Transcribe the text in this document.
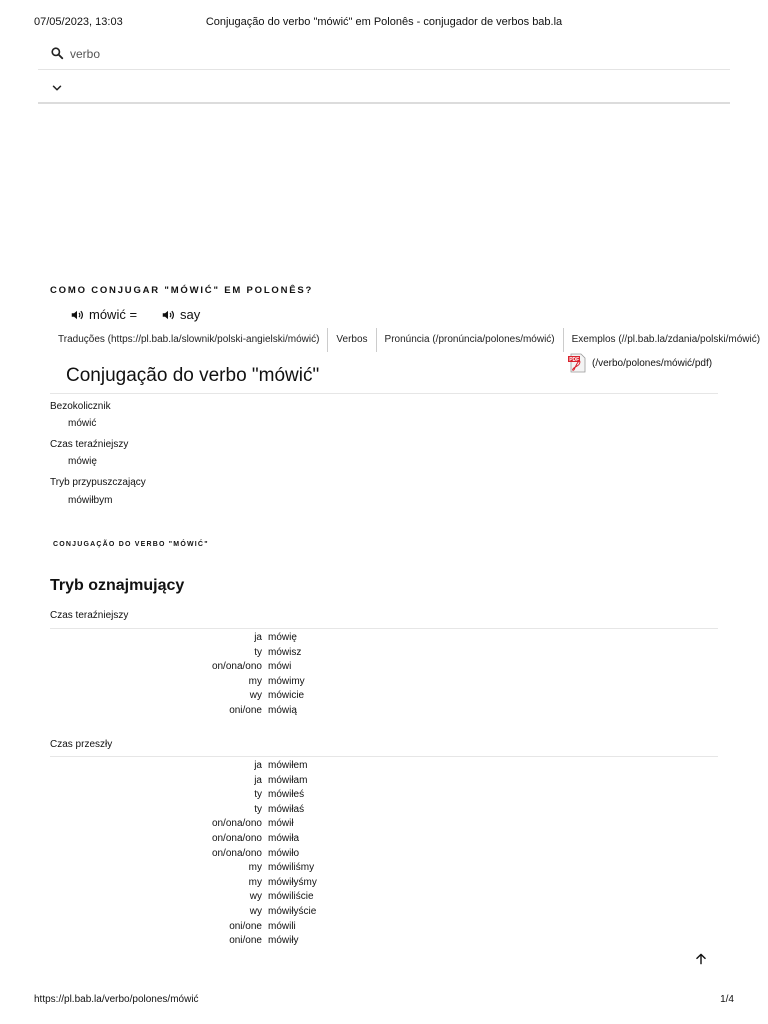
07/05/2023, 13:03	Conjugação do verbo "mówić" em Polonês - conjugador de verbos bab.la
verbo
COMO CONJUGAR "MÓWIĆ" EM POLONÊS?
mówić =	say
Traduções (https://pl.bab.la/slownik/polski-angielski/mówić) Verbos Pronúncia (/pronúncia/polones/mówić) Exemplos (//pl.bab.la/zdania/polski/mówić)
PDF (/verbo/polones/mówić/pdf)
Conjugação do verbo "mówić"
Bezokolicznik
mówić
Czas teraźniejszy
mówię
Tryb przypuszczający
mówiłbym
CONJUGAÇÃO DO VERBO "MÓWIĆ"
Tryb oznajmujący
Czas teraźniejszy
ja mówię
ty mówisz
on/ona/ono mówi
my mówimy
wy mówicie
oni/one mówią
Czas przeszły
ja mówiłem
ja mówiłam
ty mówiłeś
ty mówiłaś
on/ona/ono mówił
on/ona/ono mówiła
on/ona/ono mówiło
my mówiliśmy
my mówiłyśmy
wy mówiliście
wy mówiłyście
oni/one mówili
oni/one mówiły
https://pl.bab.la/verbo/polones/mówić	1/4
